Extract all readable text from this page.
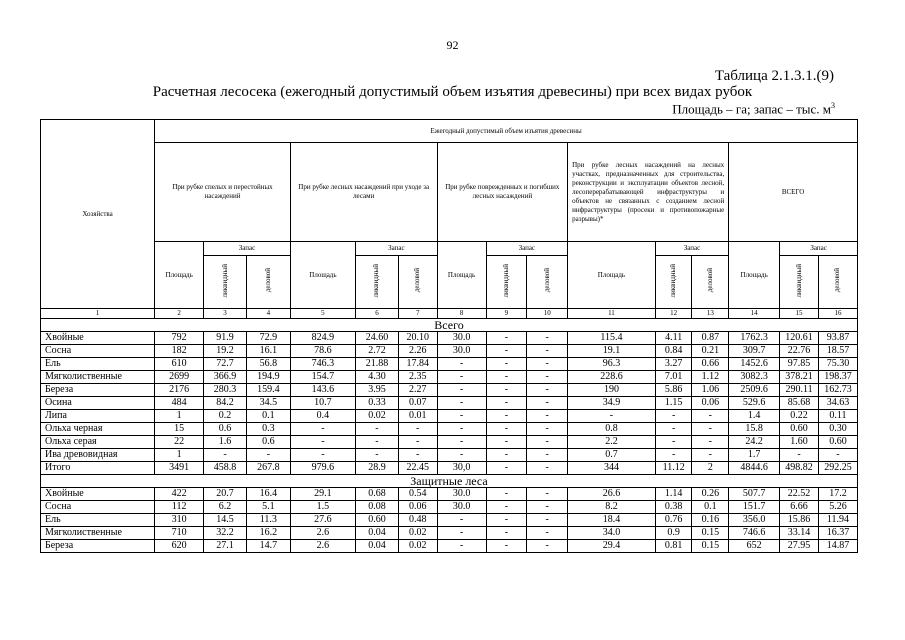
92
Таблица 2.1.3.1.(9)
Расчетная лесосека (ежегодный допустимый объем изъятия древесины) при всех видах рубок
Площадь – га; запас – тыс. $м^3$
Хозяйства	Ежегодный допустимый объем изъятия древесины														
	При рубке спелых и перестойных насаждений			При рубке лесных насаждений при уходе за лесами			При рубке поврежденных и погибших лесных насаждений			При рубке лесных насаждений на лесных участках, предназначенных для строительства, реконструкции и эксплуатации объектов лесной, лесоперерабатывающей инфраструктуры и объектов не связанных с созданием лесной инфраструктуры (просеки и противопожарные разрывы)*			ВСЕГО		
	Площадь	Запас		Площадь	Запас		Площадь	Запас		Площадь	Запас		Площадь	Запас	
		ликвидный	деловой		ликвидный	деловой		ликвидный	деловой		ликвидный	деловой		ликвидный	деловой
1	2	3	4	5	6	7	8	9	10	11	12	13	14	15	16
Всего															
Хвойные	792	91.9	72.9	824.9	24.60	20.10	30.0	-	-	115.4	4.11	0.87	1762.3	120.61	93.87
Сосна	182	19.2	16.1	78.6	2.72	2.26	30.0	-	-	19.1	0.84	0.21	309.7	22.76	18.57
Ель	610	72.7	56.8	746.3	21.88	17.84	-	-	-	96.3	3.27	0.66	1452.6	97.85	75.30
Мягколиственные	2699	366.9	194.9	154.7	4.30	2.35	-	-	-	228.6	7.01	1.12	3082.3	378.21	198.37
Береза	2176	280.3	159.4	143.6	3.95	2.27	-	-	-	190	5.86	1.06	2509.6	290.11	162.73
Осина	484	84.2	34.5	10.7	0.33	0.07	-	-	-	34.9	1.15	0.06	529.6	85.68	34.63
Липа	1	0.2	0.1	0.4	0.02	0.01	-	-	-	-	-	-	1.4	0.22	0.11
Ольха черная	15	0.6	0.3	-	-	-	-	-	-	0.8	-	-	15.8	0.60	0.30
Ольха серая	22	1.6	0.6	-	-	-	-	-	-	2.2	-	-	24.2	1.60	0.60
Ива древовидная	1	-	-	-	-	-	-	-	-	0.7	-	-	1.7	-	-
Итого	3491	458.8	267.8	979.6	28.9	22.45	30,0	-	-	344	11.12	2	4844.6	498.82	292.25
Защитные леса															
Хвойные	422	20.7	16.4	29.1	0.68	0.54	30.0	-	-	26.6	1.14	0.26	507.7	22.52	17.2
Сосна	112	6.2	5.1	1.5	0.08	0.06	30.0	-	-	8.2	0.38	0.1	151.7	6.66	5.26
Ель	310	14.5	11.3	27.6	0.60	0.48	-	-	-	18.4	0.76	0.16	356.0	15.86	11.94
Мягколиственные	710	32.2	16.2	2.6	0.04	0.02	-	-	-	34.0	0.9	0.15	746.6	33.14	16.37
Береза	620	27.1	14.7	2.6	0.04	0.02	-	-	-	29.4	0.81	0.15	652	27.95	14.87
